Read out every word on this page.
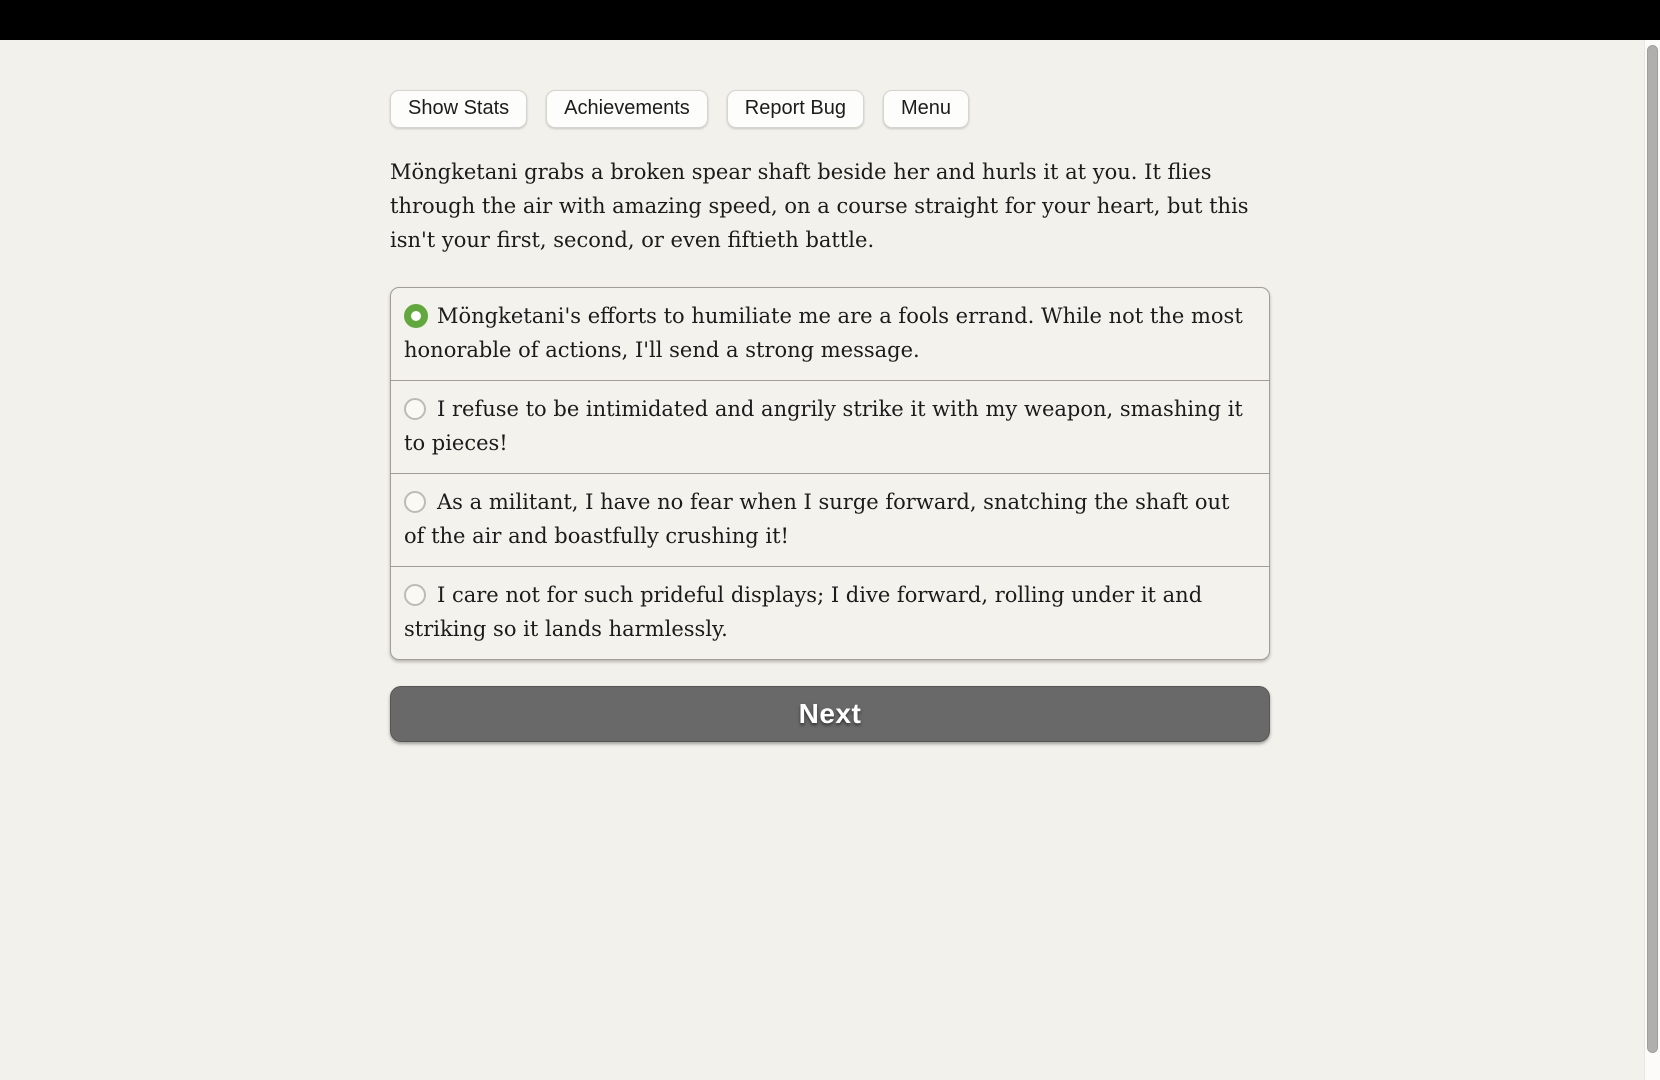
Show Stats	Achievements	Report Bug	Menu

Möngketani grabs a broken spear shaft beside her and hurls it at you. It flies through the air with amazing speed, on a course straight for your heart, but this isn't your first, second, or even fiftieth battle.

Möngketani's efforts to humiliate me are a fools errand. While not the most honorable of actions, I'll send a strong message.
I refuse to be intimidated and angrily strike it with my weapon, smashing it to pieces!
As a militant, I have no fear when I surge forward, snatching the shaft out of the air and boastfully crushing it!
I care not for such prideful displays; I dive forward, rolling under it and striking so it lands harmlessly.
Next
